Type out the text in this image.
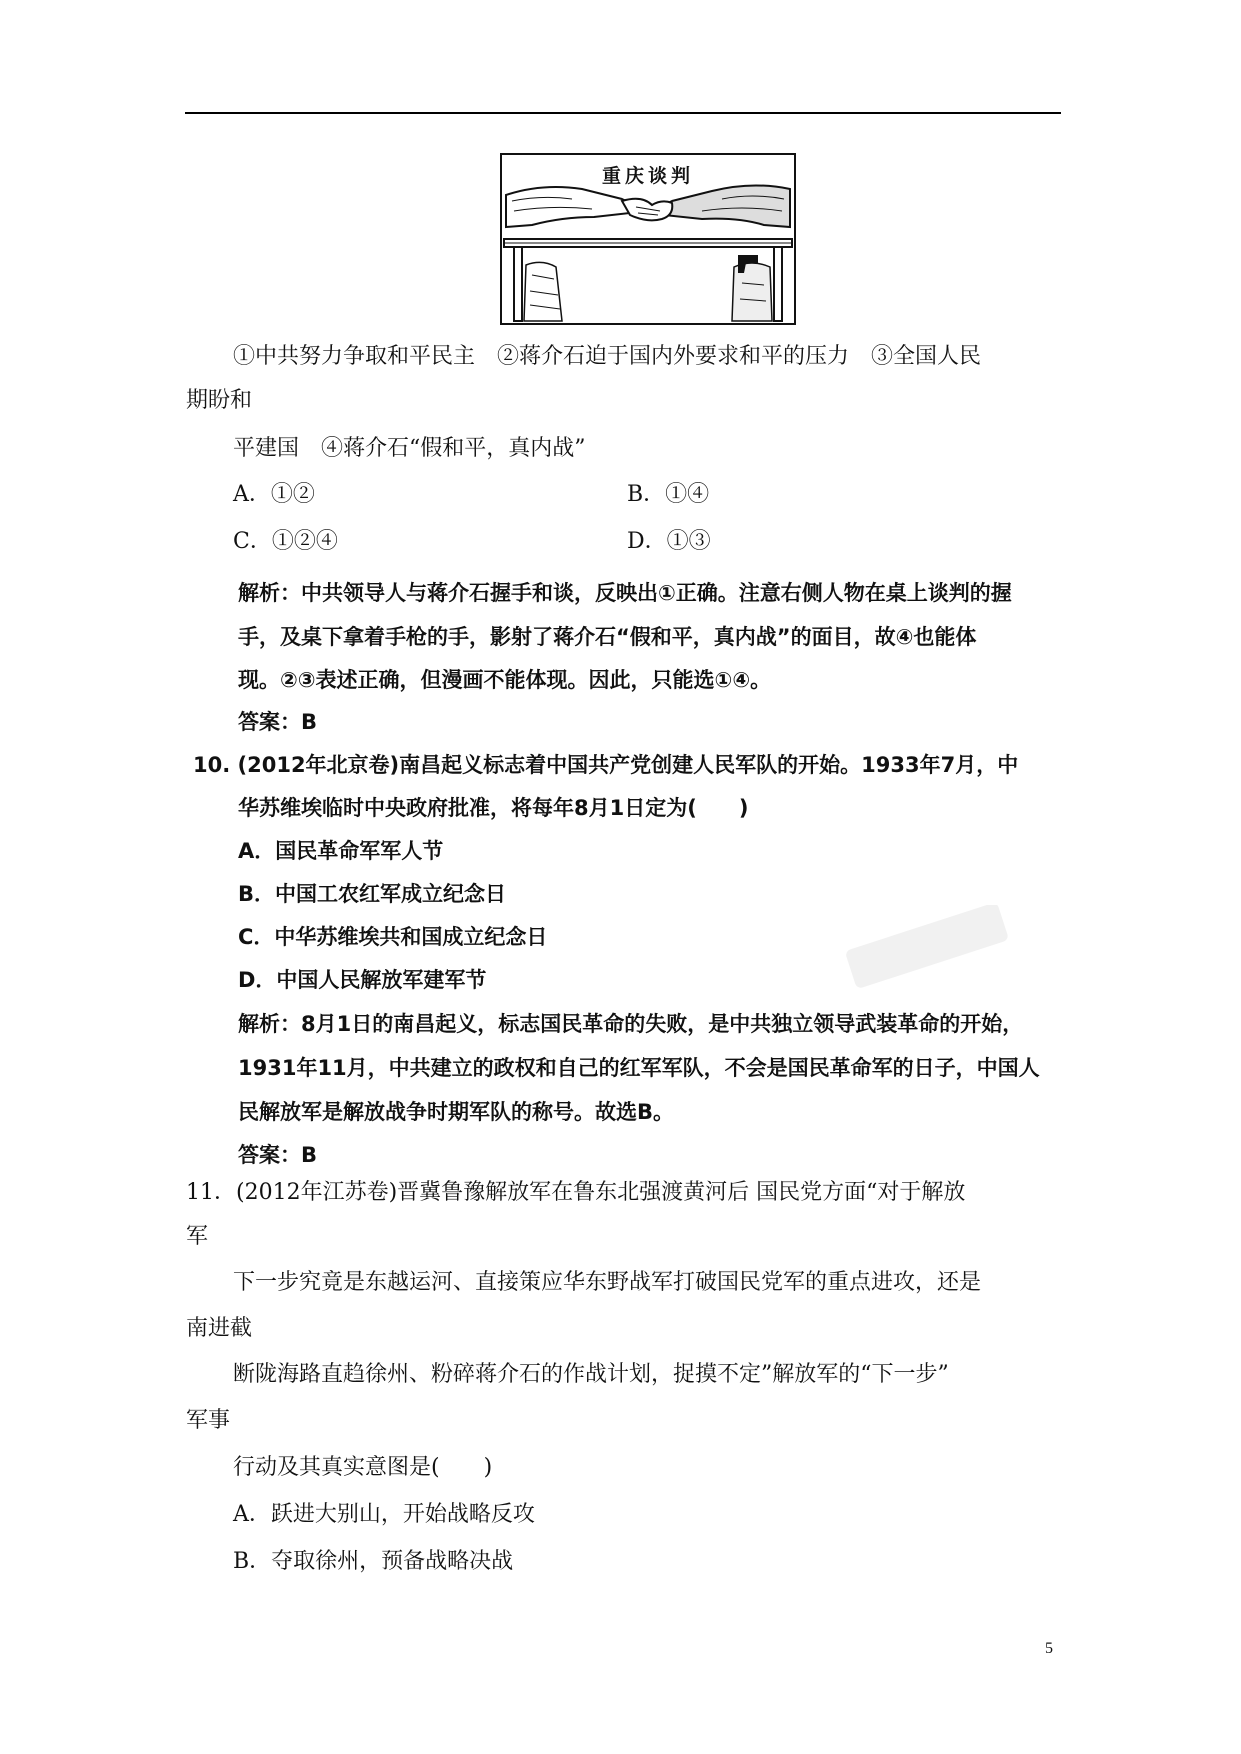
重庆谈判
①中共努力争取和平民主　②蒋介石迫于国内外要求和平的压力　③全国人民
期盼和
平建国　④蒋介石“假和平，真内战”
A．①②	B．①④
C．①②④	D．①③
解析：中共领导人与蒋介石握手和谈，反映出①正确。注意右侧人物在桌上谈判的握
手，及桌下拿着手枪的手，影射了蒋介石“假和平，真内战”的面目，故④也能体
现。②③表述正确，但漫画不能体现。因此，只能选①④。
答案：B
10. (2012年北京卷)南昌起义标志着中国共产党创建人民军队的开始。1933年7月，中
华苏维埃临时中央政府批准，将每年8月1日定为(　　)
A．国民革命军军人节
B．中国工农红军成立纪念日
C．中华苏维埃共和国成立纪念日
D．中国人民解放军建军节
解析：8月1日的南昌起义，标志国民革命的失败，是中共独立领导武装革命的开始，
1931年11月，中共建立的政权和自己的红军军队，不会是国民革命军的日子，中国人
民解放军是解放战争时期军队的称号。故选B。
答案：B
11．(2012年江苏卷)晋冀鲁豫解放军在鲁东北强渡黄河后 国民党方面“对于解放
军
下一步究竟是东越运河、直接策应华东野战军打破国民党军的重点进攻，还是
南进截
断陇海路直趋徐州、粉碎蒋介石的作战计划，捉摸不定”解放军的“下一步”
军事
行动及其真实意图是(　　)
A．跃进大别山，开始战略反攻
B．夺取徐州，预备战略决战
5
